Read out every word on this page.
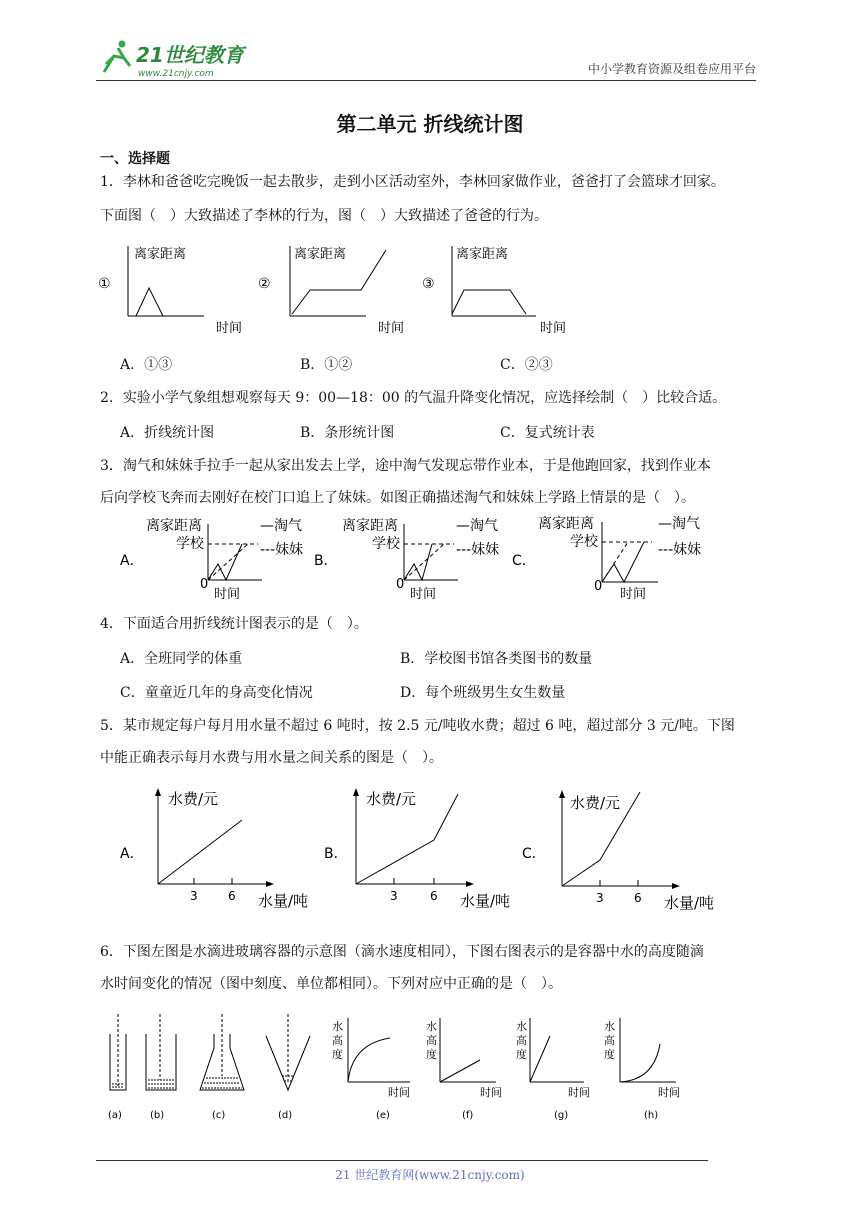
21世纪教育
www.21cnjy.com	中小学教育资源及组卷应用平台
第二单元 折线统计图
一、选择题
1．李林和爸爸吃完晚饭一起去散步，走到小区活动室外，李林回家做作业，爸爸打了会篮球才回家。
下面图（　）大致描述了李林的行为，图（　）大致描述了爸爸的行为。
①
离家距离
时间
②
离家距离
时间
③
离家距离
时间
A．①③	B．①②	C．②③
2．实验小学气象组想观察每天 9：00—18：00 的气温升降变化情况，应选择绘制（　）比较合适。
A．折线统计图	B．条形统计图	C．复式统计表
3．淘气和妹妹手拉手一起从家出发去上学，途中淘气发现忘带作业本，于是他跑回家，找到作业本
后向学校飞奔而去刚好在校门口追上了妹妹。如图正确描述淘气和妹妹上学路上情景的是（　）。
A．
离家距离
学校
—淘气
---妹妹
0
时间
B．
离家距离
学校
—淘气
---妹妹
0
时间
C．
离家距离
学校
—淘气
---妹妹
0
时间
4．下面适合用折线统计图表示的是（　）。
A．全班同学的体重	B．学校图书馆各类图书的数量
C．童童近几年的身高变化情况	D．每个班级男生女生数量
5．某市规定每户每月用水量不超过 6 吨时，按 2.5 元/吨收水费；超过 6 吨，超过部分 3 元/吨。下图
中能正确表示每月水费与用水量之间关系的图是（　）。
A．
水费/元
水量/吨
3	6
B．
水费/元
水量/吨
3	6
C．
水费/元
水量/吨
3	6
6．下图左图是水滴进玻璃容器的示意图（滴水速度相同），下图右图表示的是容器中水的高度随滴
水时间变化的情况（图中刻度、单位都相同）。下列对应中正确的是（　）。
(a)	(b)	(c)	(d)
水
高
度
时间
(e)
水
高
度
时间
(f)
水
高
度
时间
(g)
水
高
度
时间
(h)
21 世纪教育网(www.21cnjy.com)
